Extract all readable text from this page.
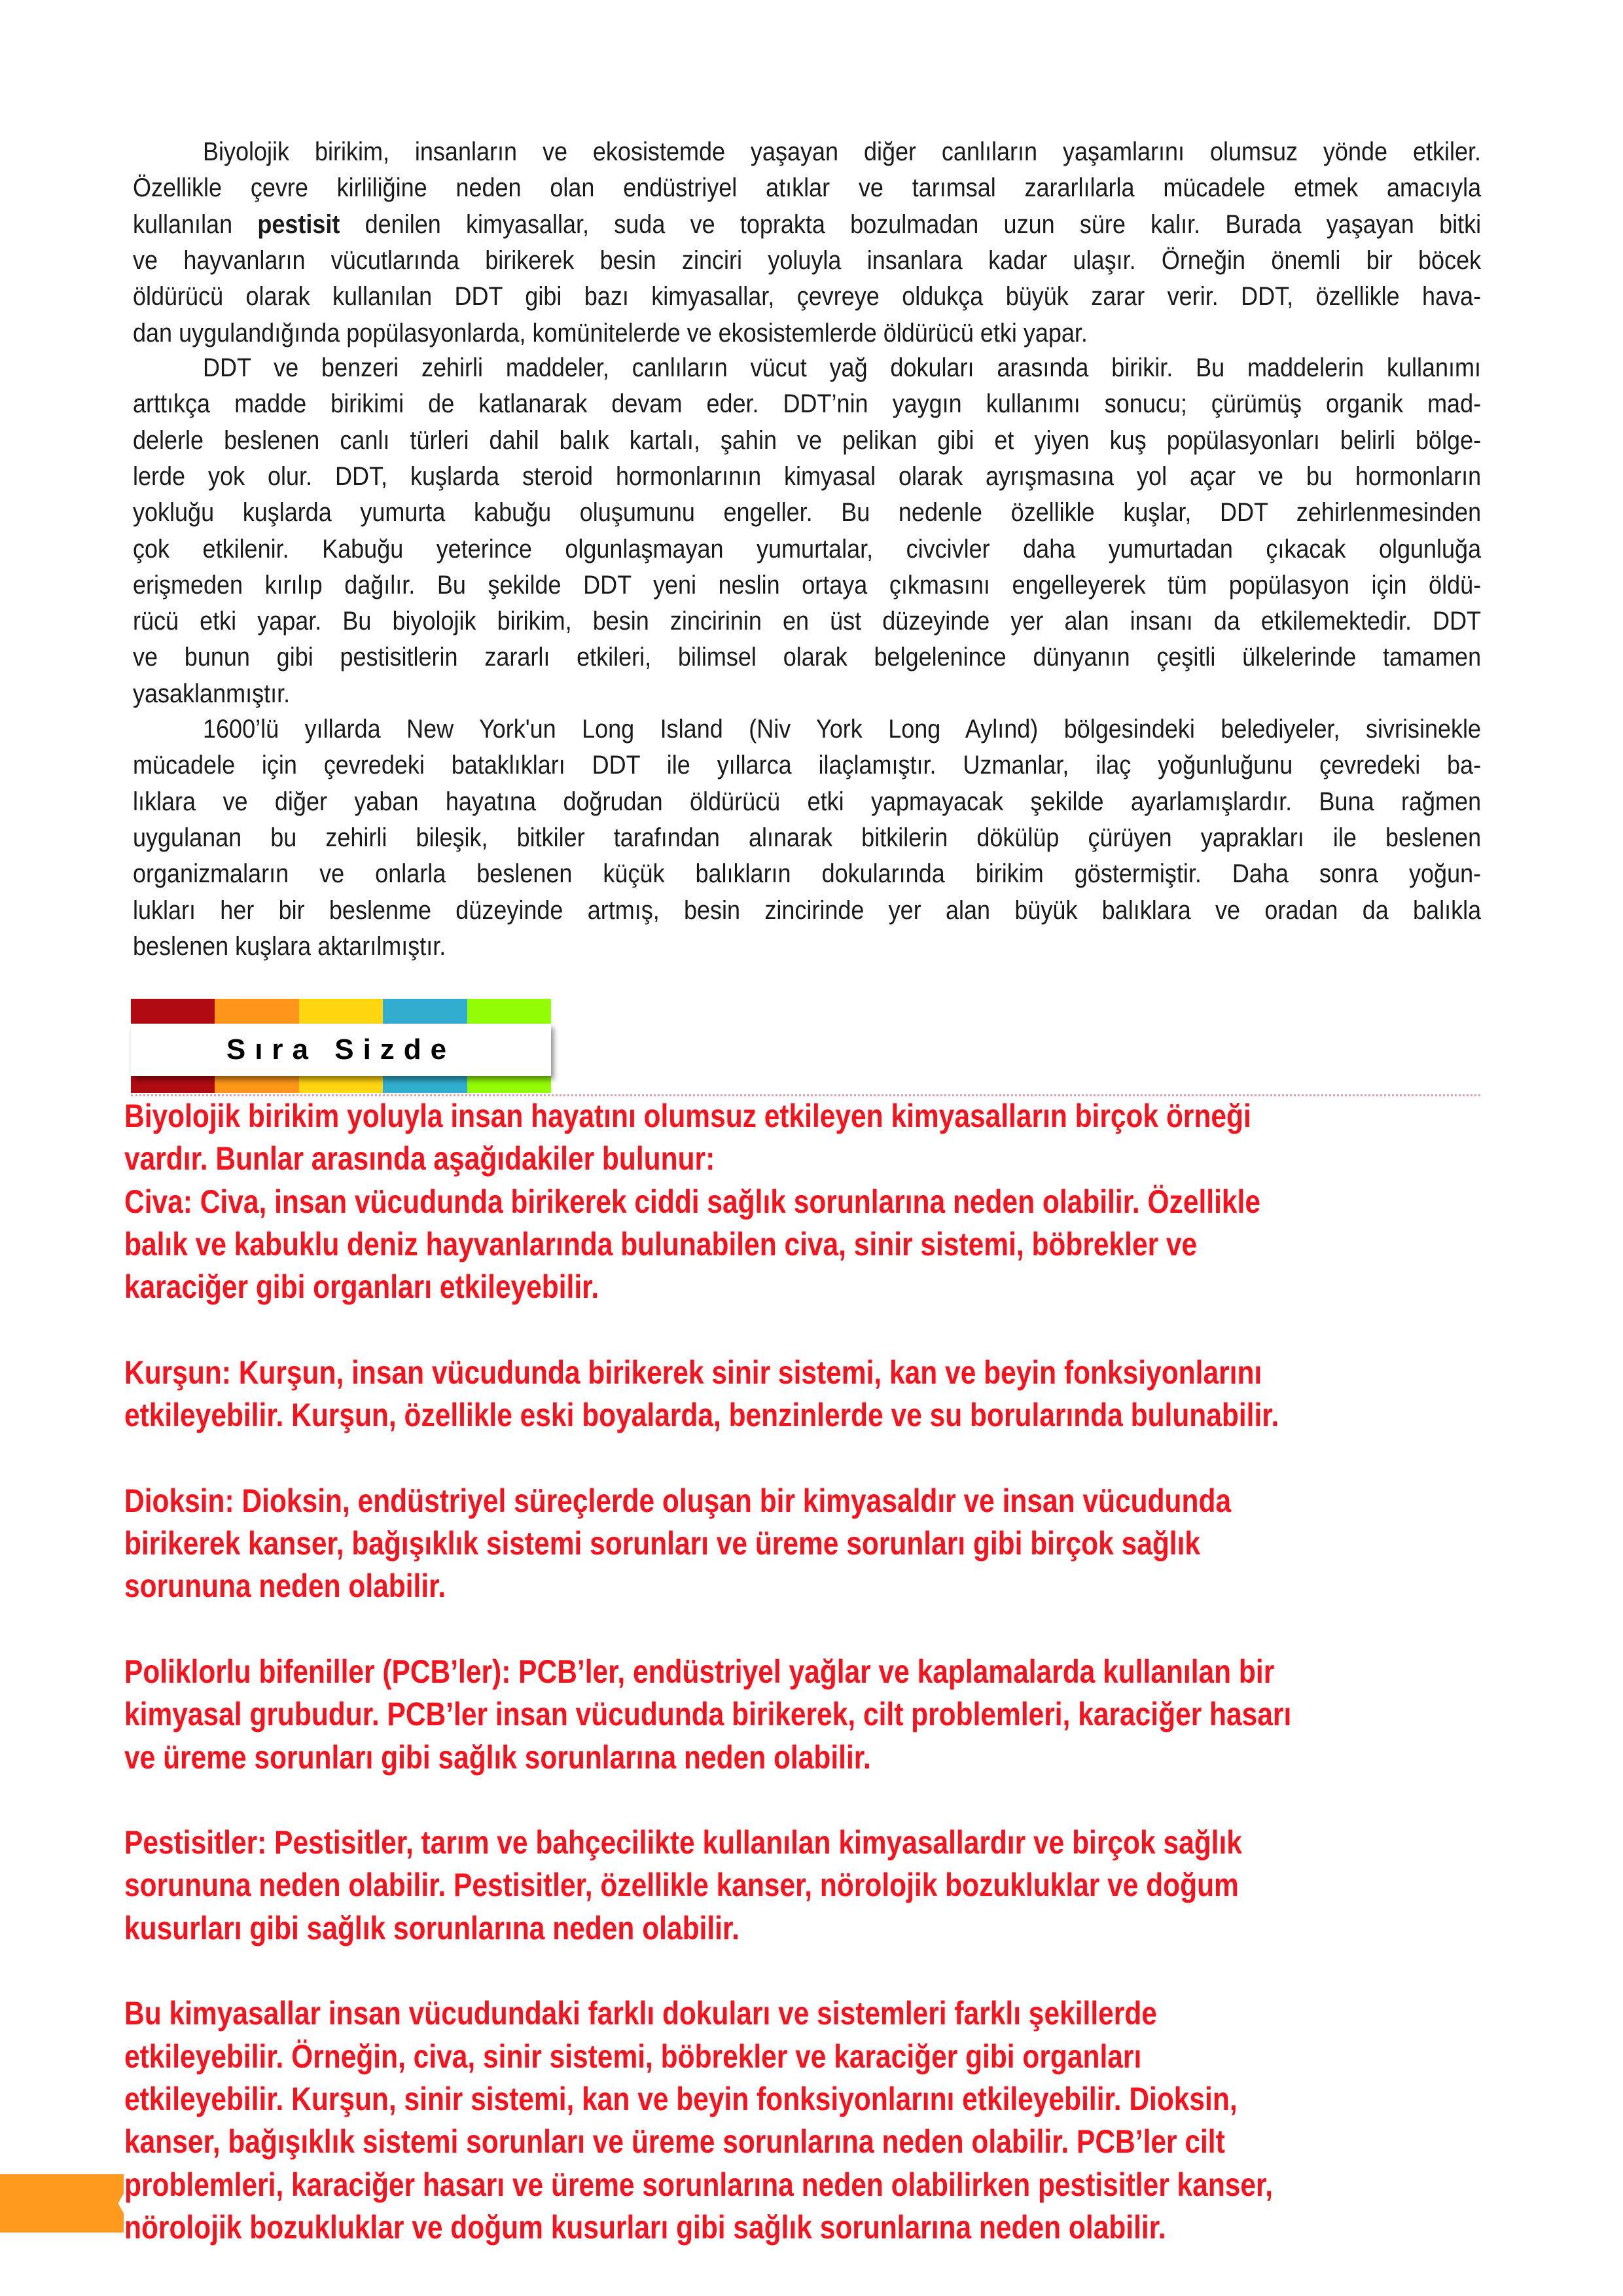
Biyolojik birikim, insanların ve ekosistemde yaşayan diğer canlıların yaşamlarını olumsuz yönde etkiler.
Özellikle çevre kirliliğine neden olan endüstriyel atıklar ve tarımsal zararlılarla mücadele etmek amacıyla
kullanılan pestisit denilen kimyasallar, suda ve toprakta bozulmadan uzun süre kalır. Burada yaşayan bitki
ve hayvanların vücutlarında birikerek besin zinciri yoluyla insanlara kadar ulaşır. Örneğin önemli bir böcek
öldürücü olarak kullanılan DDT gibi bazı kimyasallar, çevreye oldukça büyük zarar verir. DDT, özellikle hava-
dan uygulandığında popülasyonlarda, komünitelerde ve ekosistemlerde öldürücü etki yapar.
DDT ve benzeri zehirli maddeler, canlıların vücut yağ dokuları arasında birikir. Bu maddelerin kullanımı
arttıkça madde birikimi de katlanarak devam eder. DDT’nin yaygın kullanımı sonucu; çürümüş organik mad-
delerle beslenen canlı türleri dahil balık kartalı, şahin ve pelikan gibi et yiyen kuş popülasyonları belirli bölge-
lerde yok olur. DDT, kuşlarda steroid hormonlarının kimyasal olarak ayrışmasına yol açar ve bu hormonların
yokluğu kuşlarda yumurta kabuğu oluşumunu engeller. Bu nedenle özellikle kuşlar, DDT zehirlenmesinden
çok etkilenir. Kabuğu yeterince olgunlaşmayan yumurtalar, civcivler daha yumurtadan çıkacak olgunluğa
erişmeden kırılıp dağılır. Bu şekilde DDT yeni neslin ortaya çıkmasını engelleyerek tüm popülasyon için öldü-
rücü etki yapar. Bu biyolojik birikim, besin zincirinin en üst düzeyinde yer alan insanı da etkilemektedir. DDT
ve bunun gibi pestisitlerin zararlı etkileri, bilimsel olarak belgelenince dünyanın çeşitli ülkelerinde tamamen
yasaklanmıştır.
1600’lü yıllarda New York'un Long Island (Niv York Long Aylınd) bölgesindeki belediyeler, sivrisinekle
mücadele için çevredeki bataklıkları DDT ile yıllarca ilaçlamıştır. Uzmanlar, ilaç yoğunluğunu çevredeki ba-
lıklara ve diğer yaban hayatına doğrudan öldürücü etki yapmayacak şekilde ayarlamışlardır. Buna rağmen
uygulanan bu zehirli bileşik, bitkiler tarafından alınarak bitkilerin dökülüp çürüyen yaprakları ile beslenen
organizmaların ve onlarla beslenen küçük balıkların dokularında birikim göstermiştir. Daha sonra yoğun-
lukları her bir beslenme düzeyinde artmış, besin zincirinde yer alan büyük balıklara ve oradan da balıkla
beslenen kuşlara aktarılmıştır.
Sıra Sizde
Biyolojik birikim yoluyla insan hayatını olumsuz etkileyen kimyasalların birçok örneği
vardır. Bunlar arasında aşağıdakiler bulunur:
Civa: Civa, insan vücudunda birikerek ciddi sağlık sorunlarına neden olabilir. Özellikle
balık ve kabuklu deniz hayvanlarında bulunabilen civa, sinir sistemi, böbrekler ve
karaciğer gibi organları etkileyebilir.
Kurşun: Kurşun, insan vücudunda birikerek sinir sistemi, kan ve beyin fonksiyonlarını
etkileyebilir. Kurşun, özellikle eski boyalarda, benzinlerde ve su borularında bulunabilir.
Dioksin: Dioksin, endüstriyel süreçlerde oluşan bir kimyasaldır ve insan vücudunda
birikerek kanser, bağışıklık sistemi sorunları ve üreme sorunları gibi birçok sağlık
sorununa neden olabilir.
Poliklorlu bifeniller (PCB’ler): PCB’ler, endüstriyel yağlar ve kaplamalarda kullanılan bir
kimyasal grubudur. PCB’ler insan vücudunda birikerek, cilt problemleri, karaciğer hasarı
ve üreme sorunları gibi sağlık sorunlarına neden olabilir.
Pestisitler: Pestisitler, tarım ve bahçecilikte kullanılan kimyasallardır ve birçok sağlık
sorununa neden olabilir. Pestisitler, özellikle kanser, nörolojik bozukluklar ve doğum
kusurları gibi sağlık sorunlarına neden olabilir.
Bu kimyasallar insan vücudundaki farklı dokuları ve sistemleri farklı şekillerde
etkileyebilir. Örneğin, civa, sinir sistemi, böbrekler ve karaciğer gibi organları
etkileyebilir. Kurşun, sinir sistemi, kan ve beyin fonksiyonlarını etkileyebilir. Dioksin,
kanser, bağışıklık sistemi sorunları ve üreme sorunlarına neden olabilir. PCB’ler cilt
problemleri, karaciğer hasarı ve üreme sorunlarına neden olabilirken pestisitler kanser,
nörolojik bozukluklar ve doğum kusurları gibi sağlık sorunlarına neden olabilir.
